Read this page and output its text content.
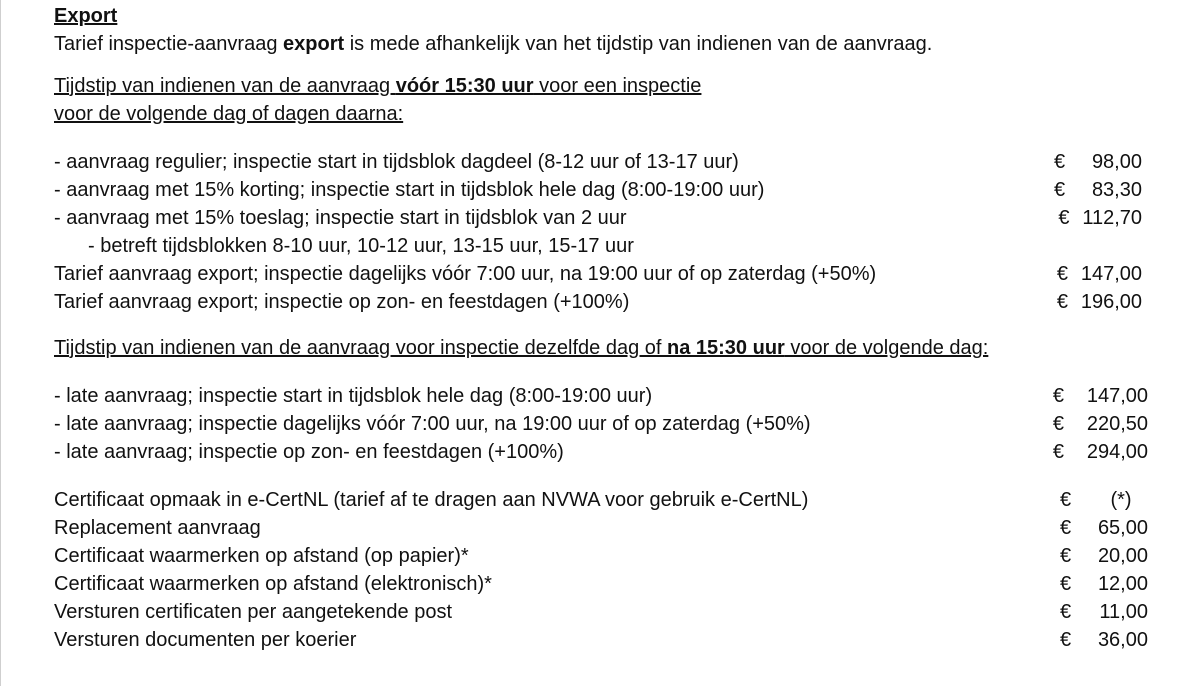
Export

Tarief inspectie-aanvraag export is mede afhankelijk van het tijdstip van indienen van de aanvraag.

Tijdstip van indienen van de aanvraag vóór 15:30 uur voor een inspectie
voor de volgende dag of dagen daarna:
- aanvraag regulier; inspectie start in tijdsblok dagdeel (8-12 uur of 13-17 uur)	€	98,00
- aanvraag met 15% korting; inspectie start in tijdsblok hele dag (8:00-19:00 uur)	€	83,30
- aanvraag met 15% toeslag; inspectie start in tijdsblok van 2 uur	€ 112,70
- betreft tijdsblokken 8-10 uur, 10-12 uur, 13-15 uur, 15-17 uur
Tarief aanvraag export; inspectie dagelijks vóór 7:00 uur, na 19:00 uur of op zaterdag (+50%)	€ 147,00
Tarief aanvraag export; inspectie op zon- en feestdagen (+100%)	€ 196,00
Tijdstip van indienen van de aanvraag voor inspectie dezelfde dag of na 15:30 uur voor de volgende dag:
- late aanvraag; inspectie start in tijdsblok hele dag (8:00-19:00 uur)	€	147,00
- late aanvraag; inspectie dagelijks vóór 7:00 uur, na 19:00 uur of op zaterdag (+50%)	€	220,50
- late aanvraag; inspectie op zon- en feestdagen (+100%)	€	294,00
Certificaat opmaak in e-CertNL (tarief af te dragen aan NVWA voor gebruik e-CertNL)	€	(*)
Replacement aanvraag	€	65,00
Certificaat waarmerken op afstand (op papier)*	€	20,00
Certificaat waarmerken op afstand (elektronisch)*	€	12,00
Versturen certificaten per aangetekende post	€	11,00
Versturen documenten per koerier	€	36,00
